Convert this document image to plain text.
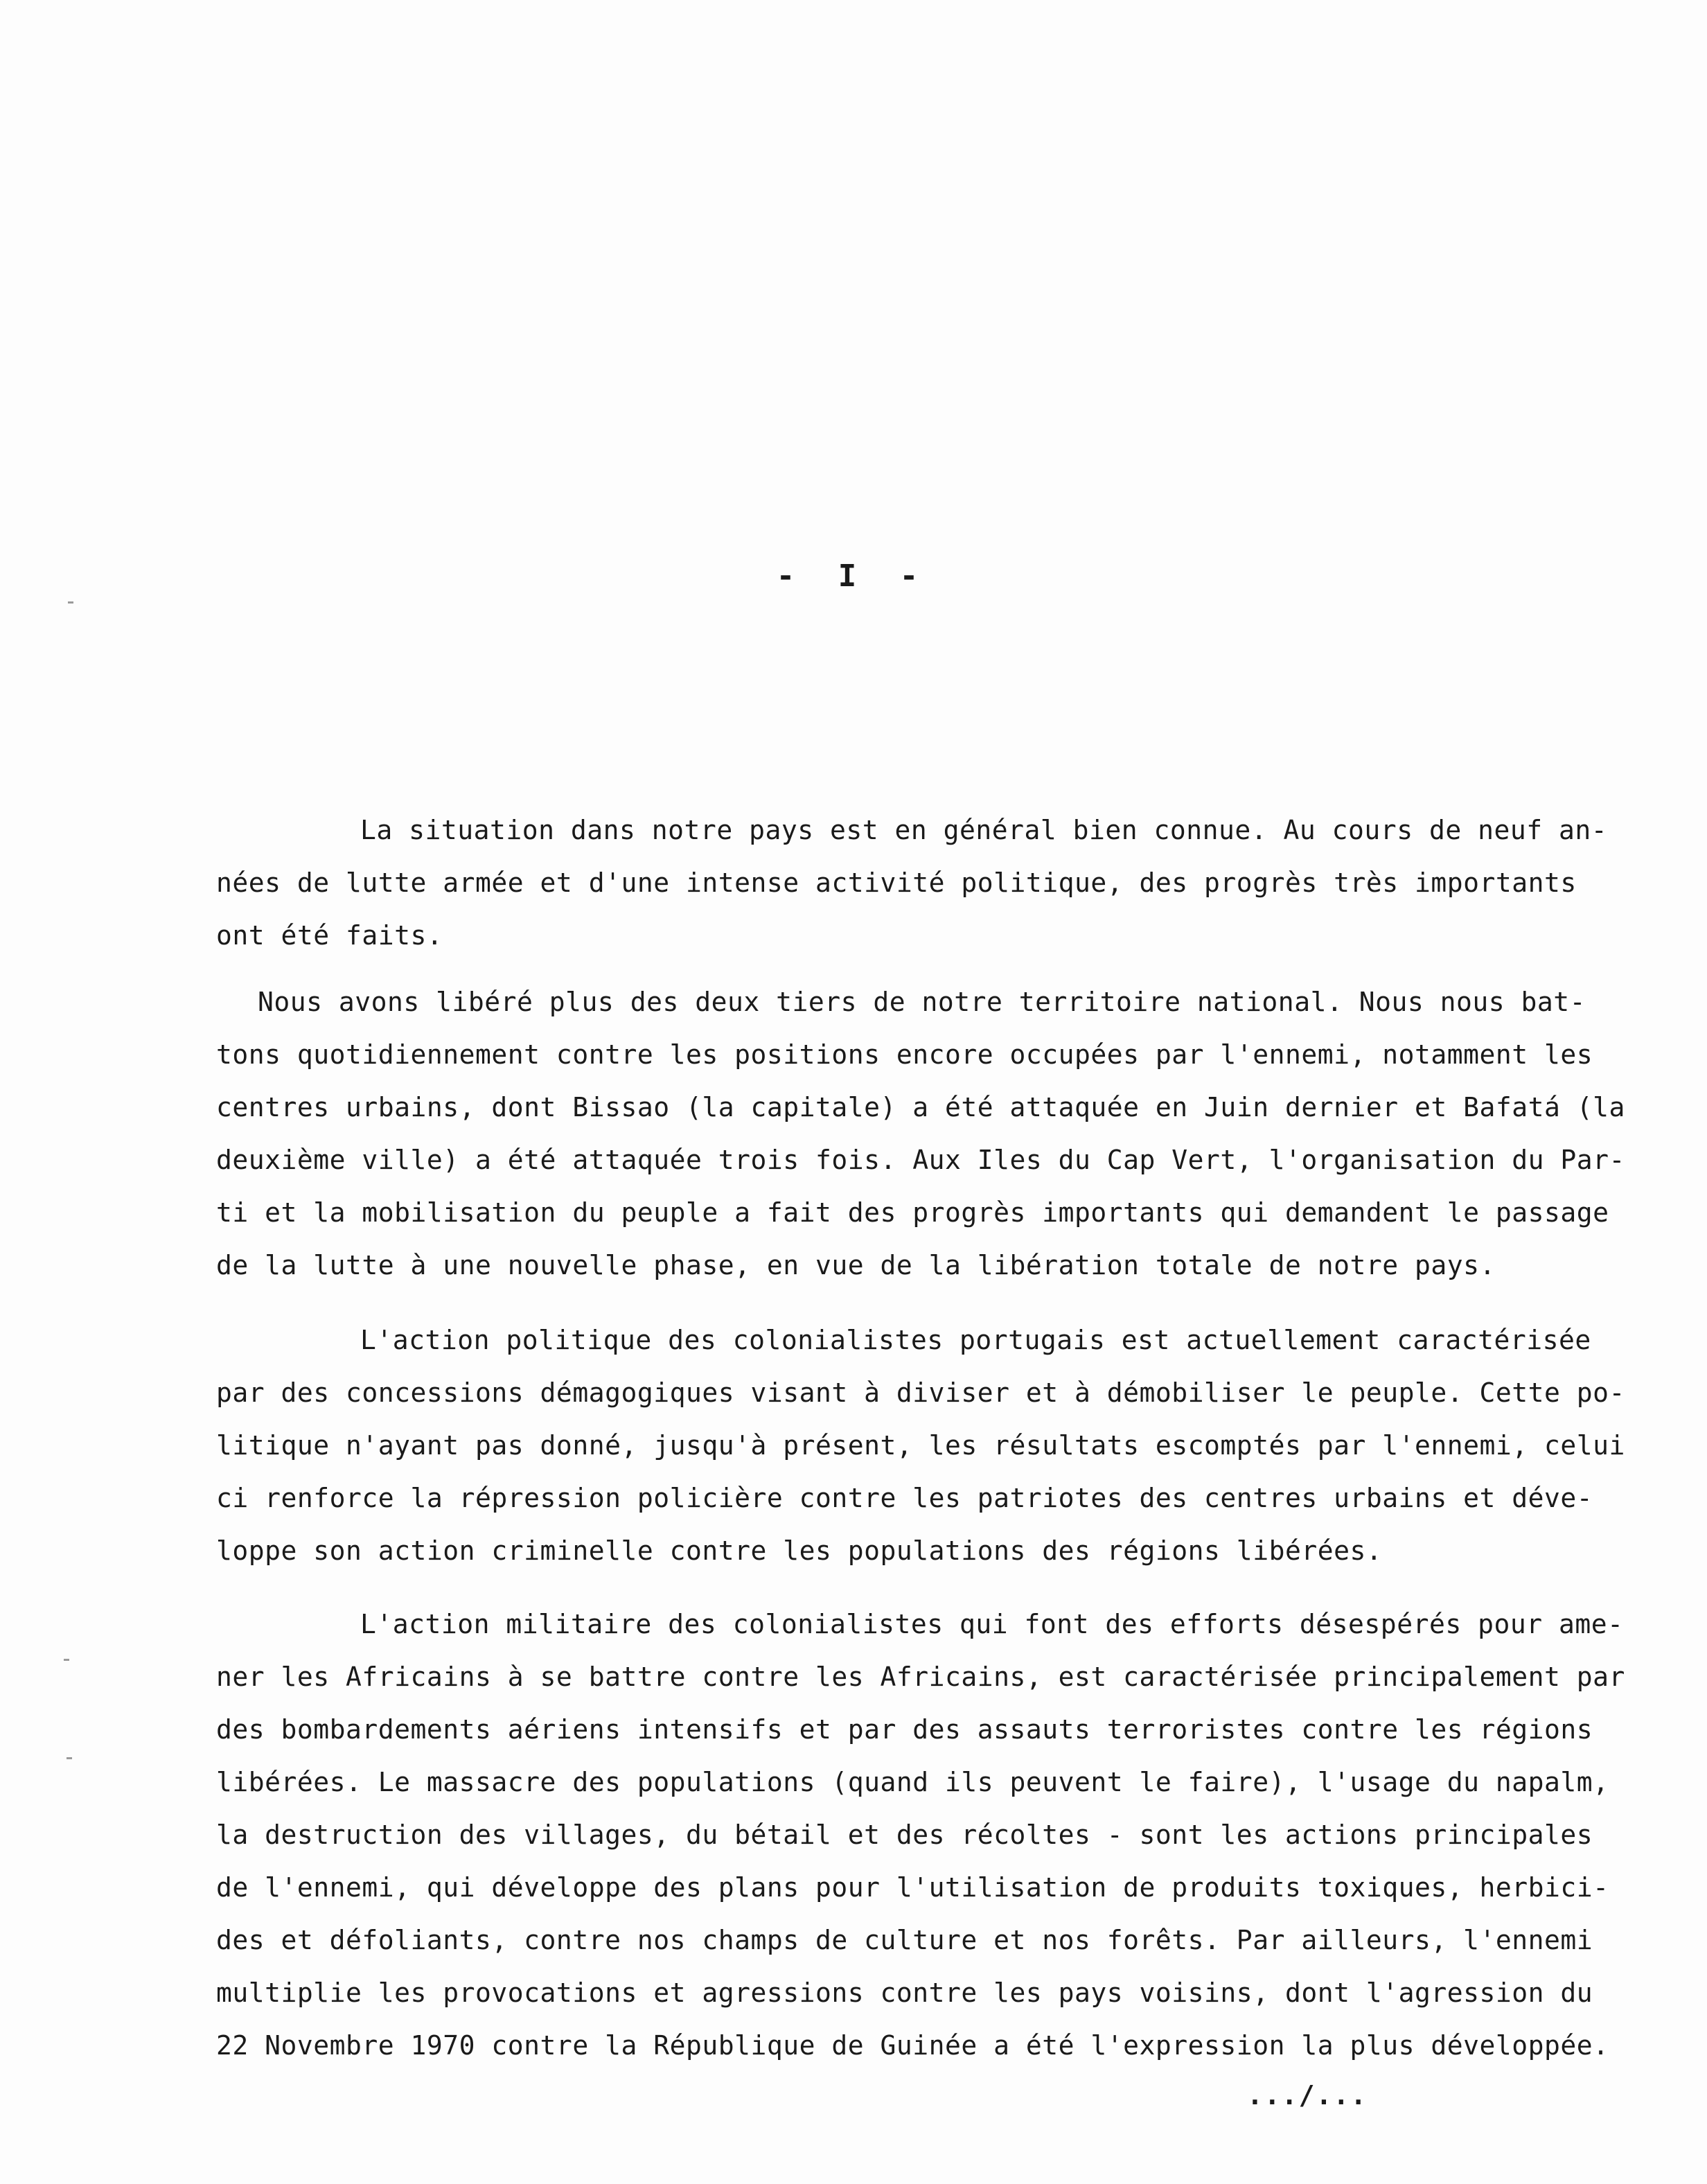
- I -
La situation dans notre pays est en général bien connue. Au cours de neuf an-
nées de lutte armée et d'une intense activité politique, des progrès très importants
ont été faits.
Nous avons libéré plus des deux tiers de notre territoire national. Nous nous bat-
tons quotidiennement contre les positions encore occupées par l'ennemi, notamment les
centres urbains, dont Bissao (la capitale) a été attaquée en Juin dernier et Bafatá (la
deuxième ville) a été attaquée trois fois. Aux Iles du Cap Vert, l'organisation du Par-
ti et la mobilisation du peuple a fait des progrès importants qui demandent le passage
de la lutte à une nouvelle phase, en vue de la libération totale de notre pays.
L'action politique des colonialistes portugais est actuellement caractérisée
par des concessions démagogiques visant à diviser et à démobiliser le peuple. Cette po-
litique n'ayant pas donné, jusqu'à présent, les résultats escomptés par l'ennemi, celui
ci renforce la répression policière contre les patriotes des centres urbains et déve-
loppe son action criminelle contre les populations des régions libérées.
L'action militaire des colonialistes qui font des efforts désespérés pour ame-
ner les Africains à se battre contre les Africains, est caractérisée principalement par
des bombardements aériens intensifs et par des assauts terroristes contre les régions
libérées. Le massacre des populations (quand ils peuvent le faire), l'usage du napalm,
la destruction des villages, du bétail et des récoltes - sont les actions principales
de l'ennemi, qui développe des plans pour l'utilisation de produits toxiques, herbici-
des et défoliants, contre nos champs de culture et nos forêts. Par ailleurs, l'ennemi
multiplie les provocations et agressions contre les pays voisins, dont l'agression du
22 Novembre 1970 contre la République de Guinée a été l'expression la plus développée.
.../...
